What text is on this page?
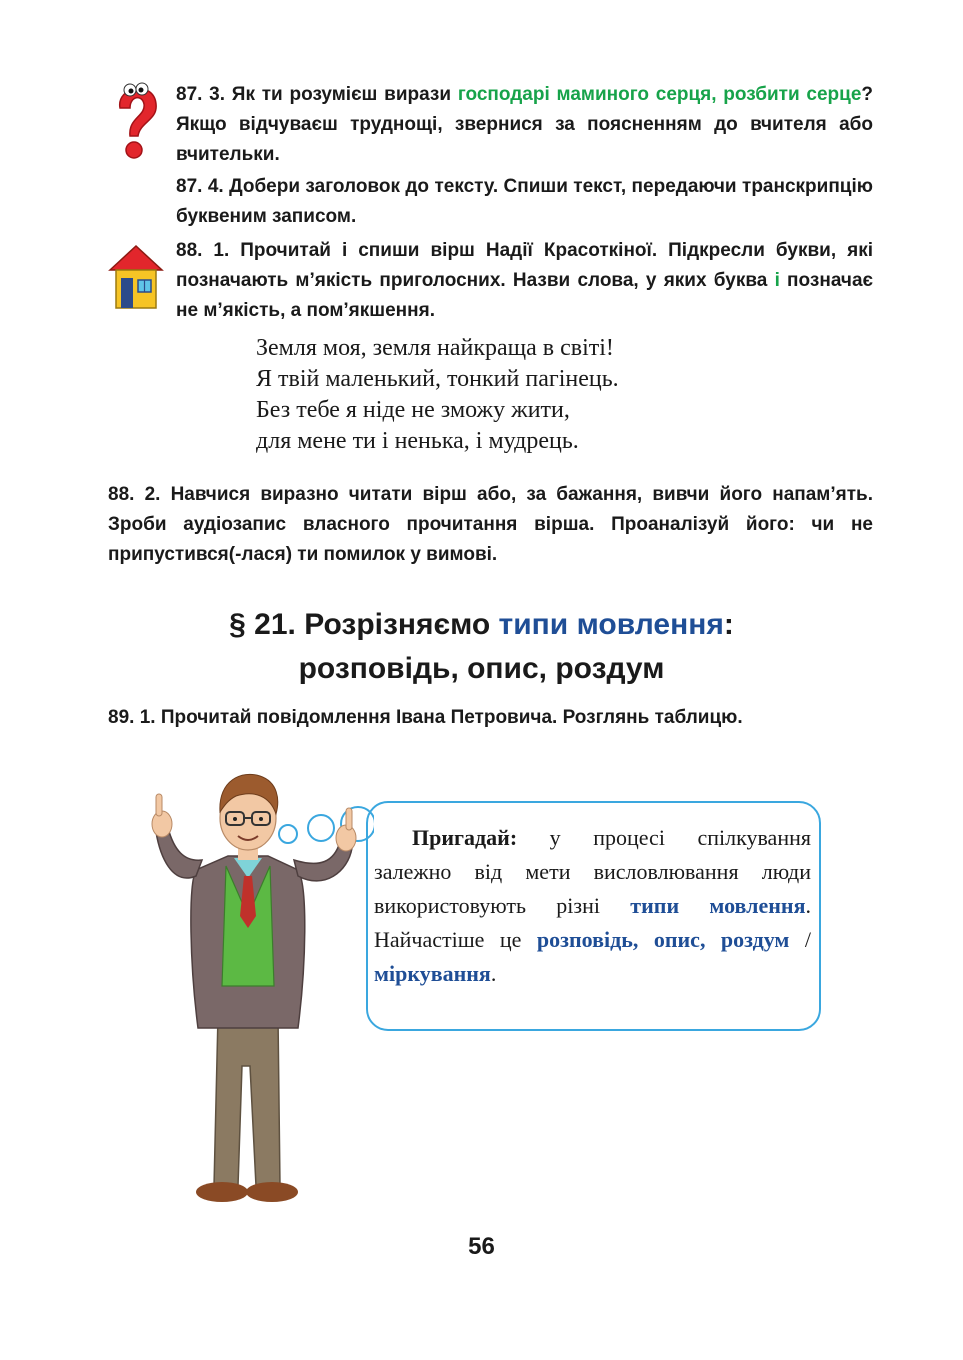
87. 3. Як ти розумієш вирази господарі маминого серця, розбити серце? Якщо відчуваєш труднощі, звернися за поясненням до вчителя або вчительки.
87. 4. Добери заголовок до тексту. Спиши текст, передаючи транскрипцію буквеним записом.
88. 1. Прочитай і спиши вірш Надії Красоткіної. Підкресли букви, які позначають м’якість приголосних. Назви слова, у яких буква і позначає не м’якість, а пом’якшення.
Земля моя, земля найкраща в світі!
Я твій маленький, тонкий пагінець.
Без тебе я ніде не зможу жити,
для мене ти і ненька, і мудрець.
88. 2. Навчися виразно читати вірш або, за бажання, вивчи його напам’ять. Зроби аудіозапис власного прочитання вірша. Проаналізуй його: чи не припустився(-лася) ти помилок у вимові.
§ 21. Розрізняємо типи мовлення:
розповідь, опис, роздум
89. 1. Прочитай повідомлення Івана Петровича. Розглянь таблицю.
Пригадай: у процесі спілкування залежно від мети висловлювання люди використовують різні типи мовлення. Найчастіше це розповідь, опис, роздум / міркування.
56
